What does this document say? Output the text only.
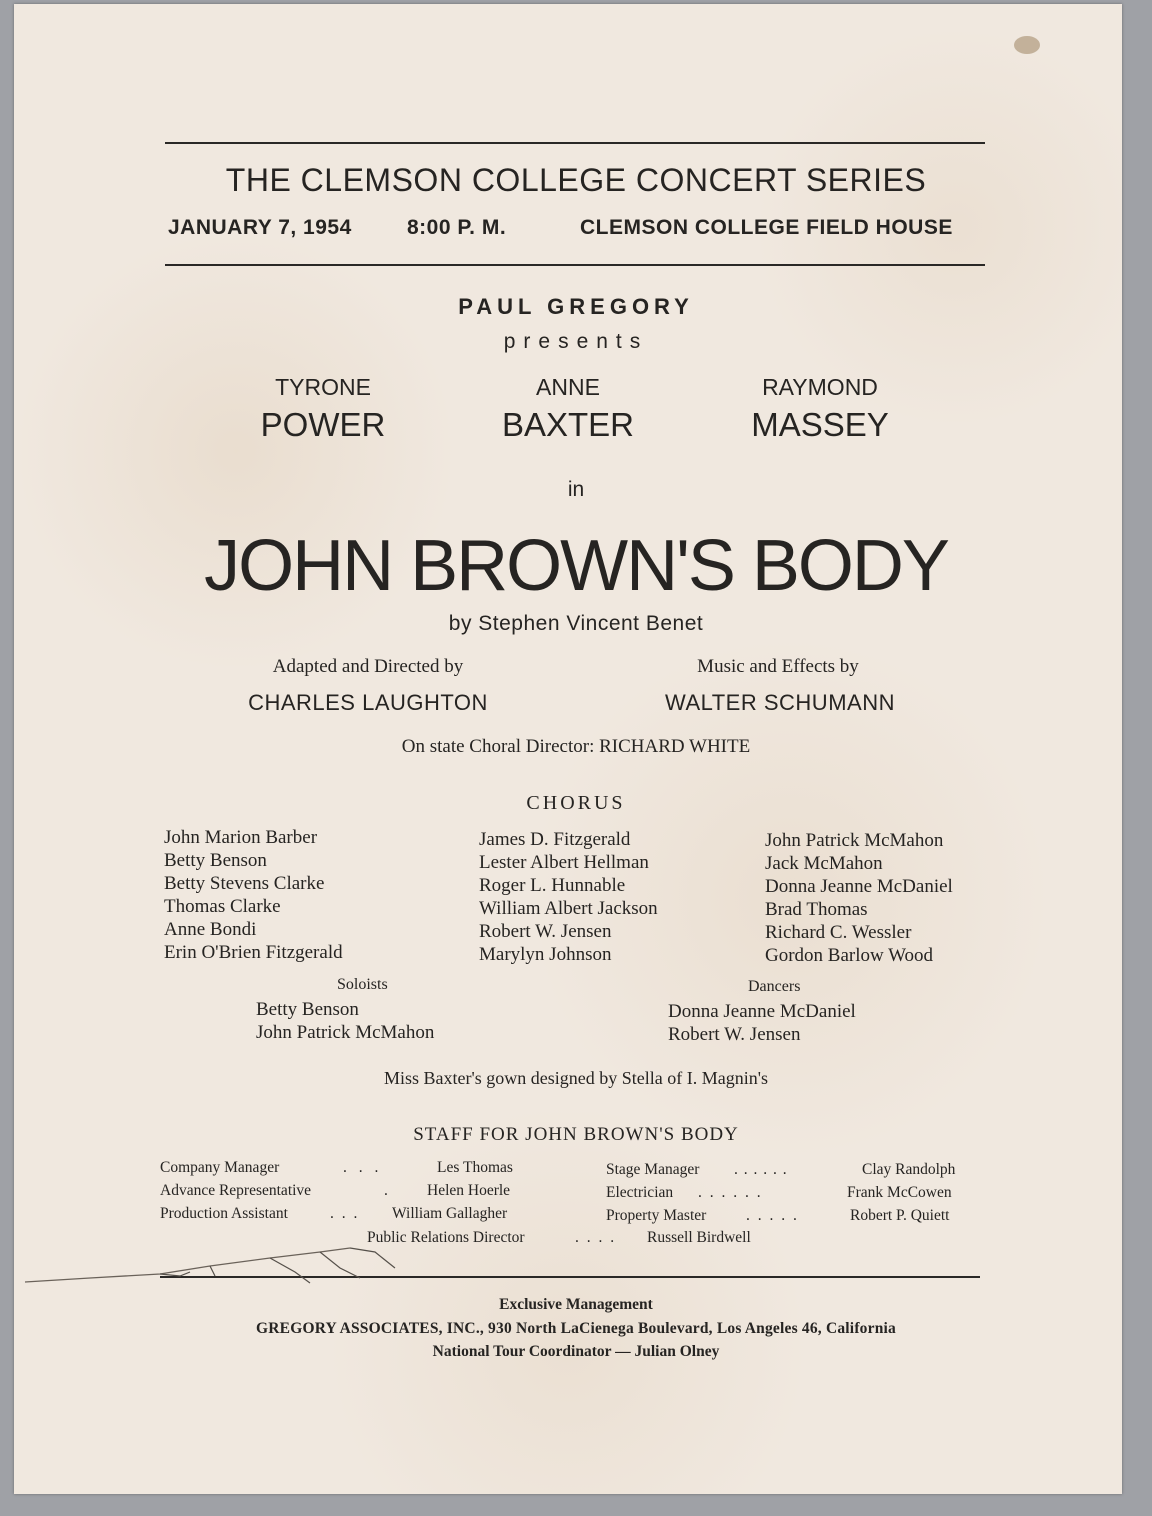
THE CLEMSON COLLEGE CONCERT SERIES
JANUARY 7, 1954	8:00 P. M.	CLEMSON COLLEGE FIELD HOUSE
PAUL GREGORY
presents
TYRONE
POWER
ANNE
BAXTER
RAYMOND
MASSEY
in
JOHN BROWN'S BODY
by Stephen Vincent Benet
Adapted and Directed by
CHARLES LAUGHTON
Music and Effects by
WALTER SCHUMANN
On state Choral Director: RICHARD WHITE
CHORUS
John Marion Barber
Betty Benson
Betty Stevens Clarke
Thomas Clarke
Anne Bondi
Erin O'Brien Fitzgerald
James D. Fitzgerald
Lester Albert Hellman
Roger L. Hunnable
William Albert Jackson
Robert W. Jensen
Marylyn Johnson
John Patrick McMahon
Jack McMahon
Donna Jeanne McDaniel
Brad Thomas
Richard C. Wessler
Gordon Barlow Wood
Soloists
Betty Benson
John Patrick McMahon
Dancers
Donna Jeanne McDaniel
Robert W. Jensen
Miss Baxter's gown designed by Stella of I. Magnin's
STAFF FOR JOHN BROWN'S BODY
Company Manager	. . .	Les Thomas
Advance Representative	.	Helen Hoerle
Production Assistant	. . . William Gallagher
Stage Manager . . . . . .	Clay Randolph
Electrician . . . . . .	Frank McCowen
Property Master	. . . . .	Robert P. Quiett
Public Relations Director	. . . . Russell Birdwell
Exclusive Management
GREGORY ASSOCIATES, INC., 930 North LaCienega Boulevard, Los Angeles 46, California
National Tour Coordinator — Julian Olney
